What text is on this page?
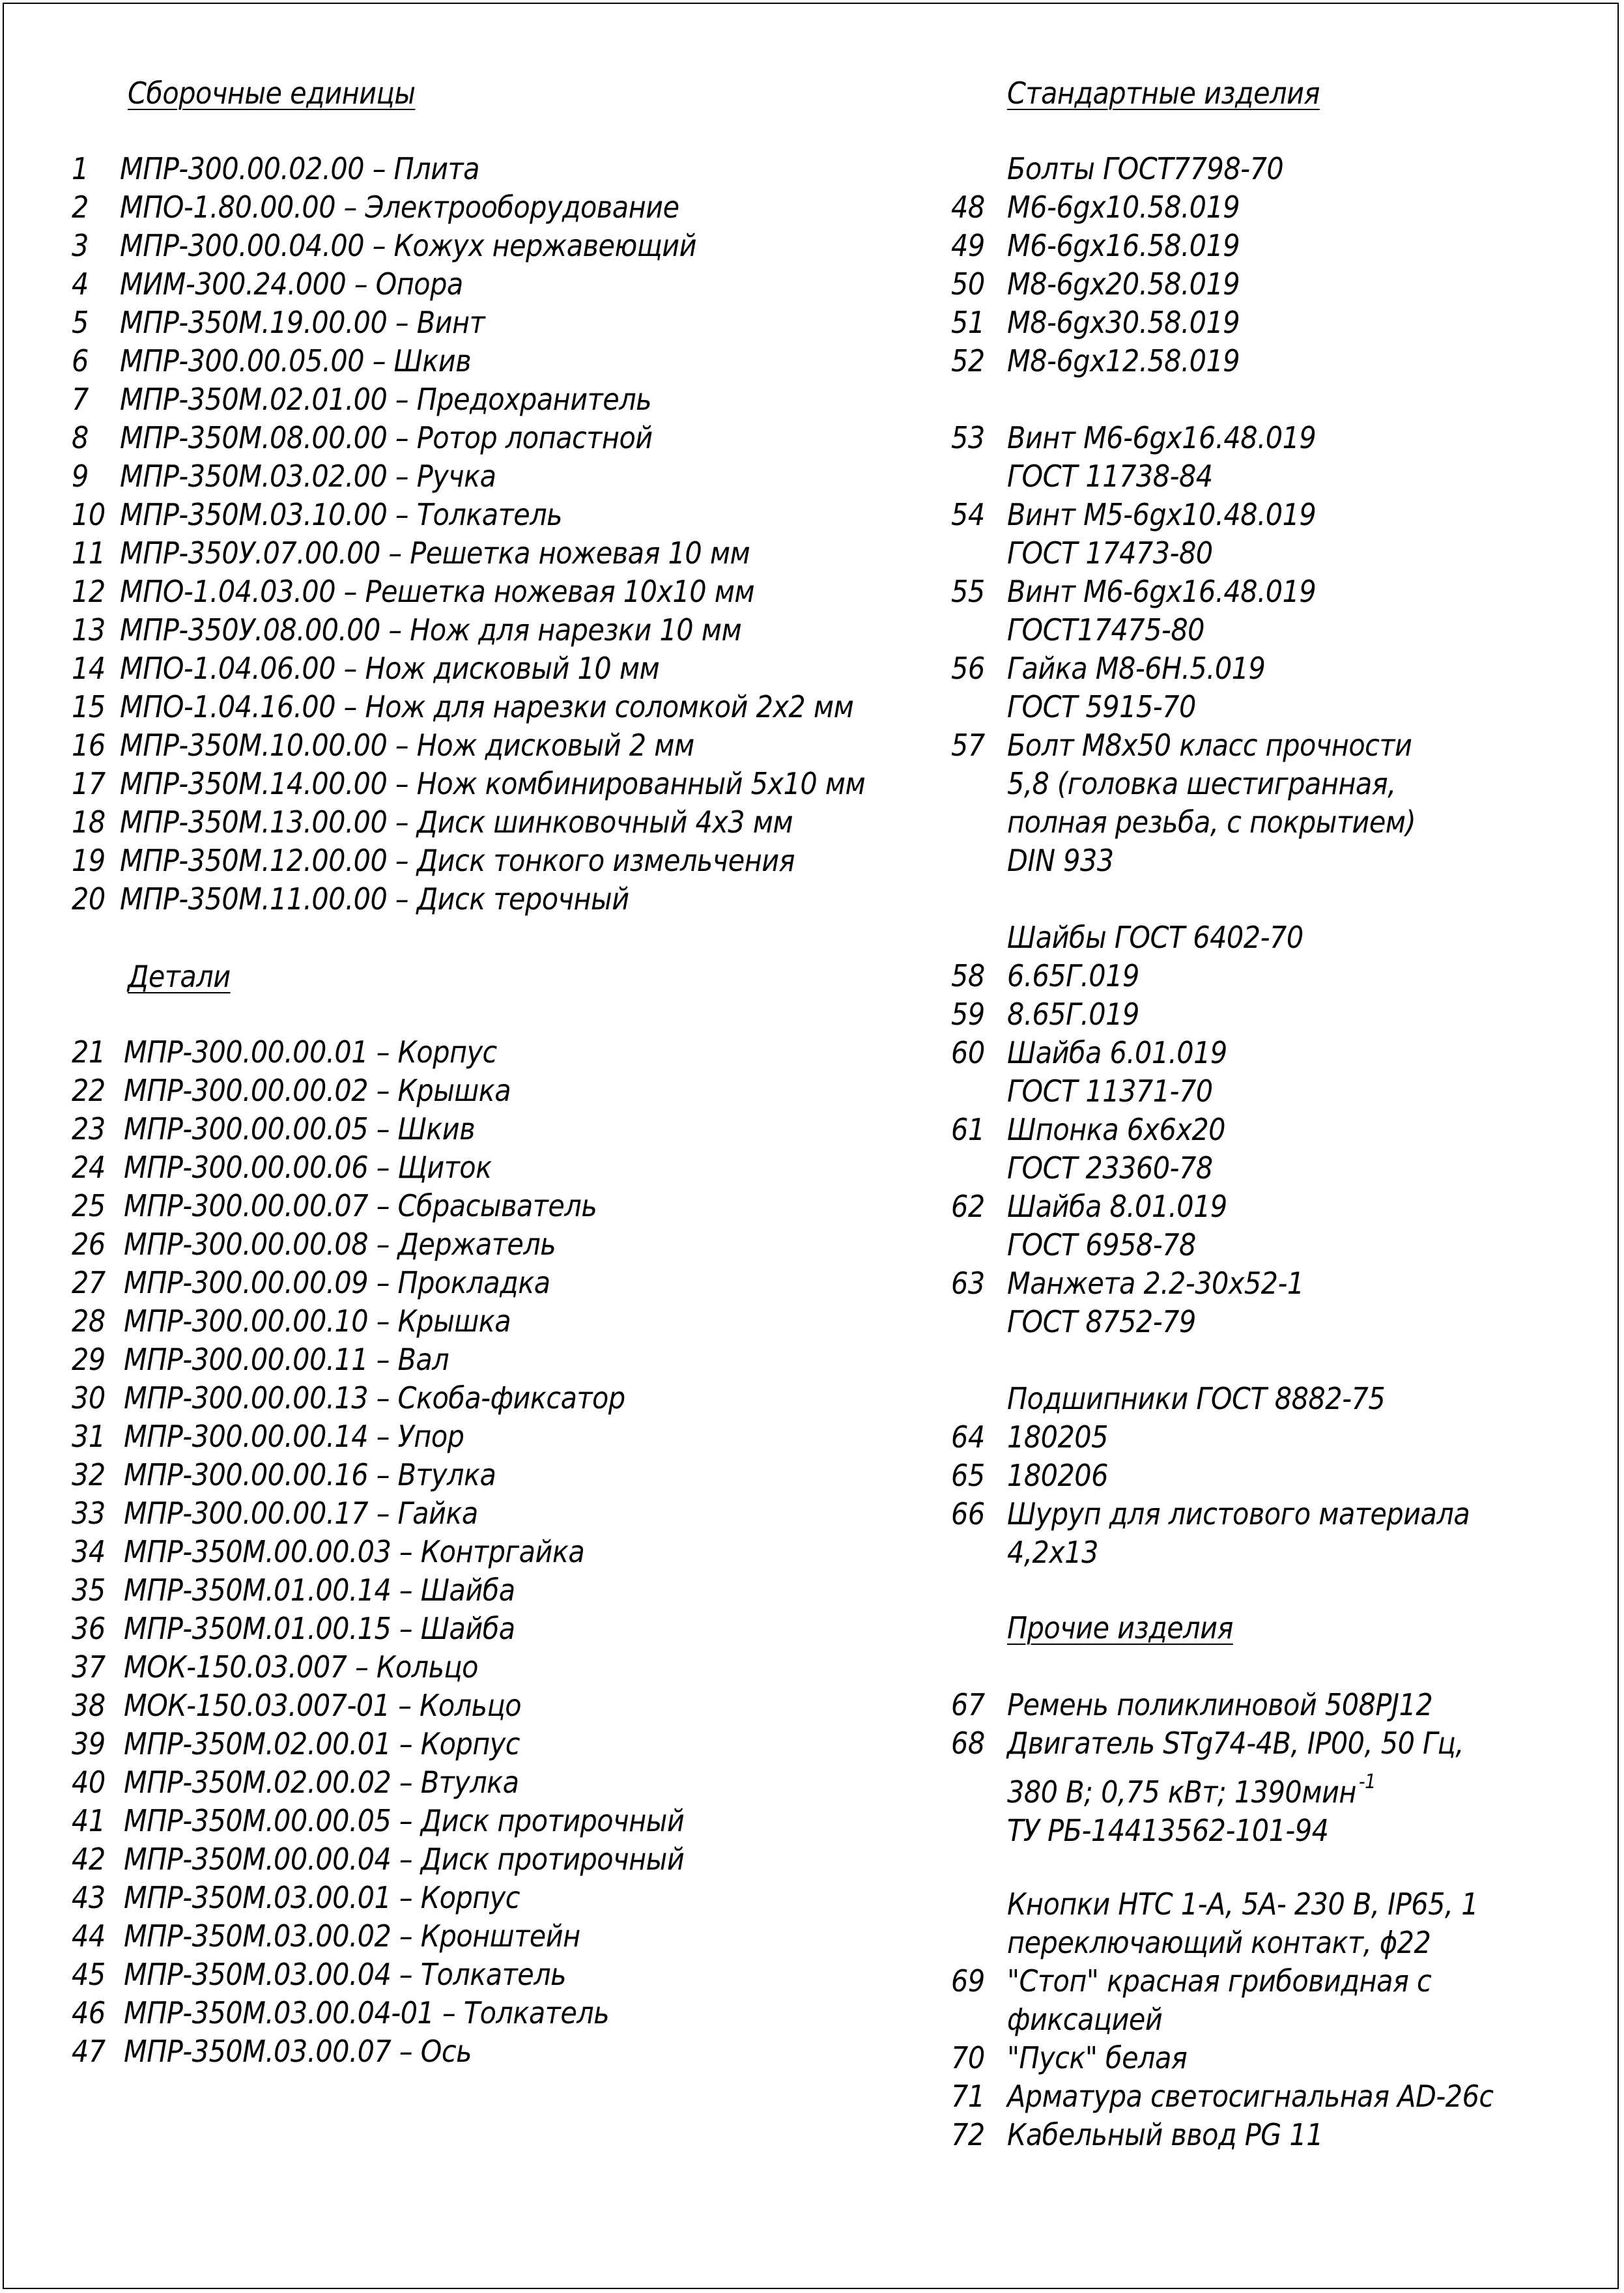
Сборочные единицы
1 МПР-300.00.02.00 – Плита
2 МПО-1.80.00.00 – Электрооборудование
3 МПР-300.00.04.00 – Кожух нержавеющий
4 МИМ-300.24.000 – Опора
5 МПР-350М.19.00.00 – Винт
6 МПР-300.00.05.00 – Шкив
7 МПР-350М.02.01.00 – Предохранитель
8 МПР-350М.08.00.00 – Ротор лопастной
9 МПР-350М.03.02.00 – Ручка
10 МПР-350М.03.10.00 – Толкатель
11 МПР-350У.07.00.00 – Решетка ножевая 10 мм
12 МПО-1.04.03.00 – Решетка ножевая 10х10 мм
13 МПР-350У.08.00.00 – Нож для нарезки 10 мм
14 МПО-1.04.06.00 – Нож дисковый 10 мм
15 МПО-1.04.16.00 – Нож для нарезки соломкой 2х2 мм
16 МПР-350М.10.00.00 – Нож дисковый 2 мм
17 МПР-350М.14.00.00 – Нож комбинированный 5х10 мм
18 МПР-350М.13.00.00 – Диск шинковочный 4х3 мм
19 МПР-350М.12.00.00 – Диск тонкого измельчения
20 МПР-350М.11.00.00 – Диск терочный
Детали
21 МПР-300.00.00.01 – Корпус
22 МПР-300.00.00.02 – Крышка
23 МПР-300.00.00.05 – Шкив
24 МПР-300.00.00.06 – Щиток
25 МПР-300.00.00.07 – Сбрасыватель
26 МПР-300.00.00.08 – Держатель
27 МПР-300.00.00.09 – Прокладка
28 МПР-300.00.00.10 – Крышка
29 МПР-300.00.00.11 – Вал
30 МПР-300.00.00.13 – Скоба-фиксатор
31 МПР-300.00.00.14 – Упор
32 МПР-300.00.00.16 – Втулка
33 МПР-300.00.00.17 – Гайка
34 МПР-350М.00.00.03 – Контргайка
35 МПР-350М.01.00.14 – Шайба
36 МПР-350М.01.00.15 – Шайба
37 МОК-150.03.007 – Кольцо
38 МОК-150.03.007-01 – Кольцо
39 МПР-350М.02.00.01 – Корпус
40 МПР-350М.02.00.02 – Втулка
41 МПР-350М.00.00.05 – Диск протирочный
42 МПР-350М.00.00.04 – Диск протирочный
43 МПР-350М.03.00.01 – Корпус
44 МПР-350М.03.00.02 – Кронштейн
45 МПР-350М.03.00.04 – Толкатель
46 МПР-350М.03.00.04-01 – Толкатель
47 МПР-350М.03.00.07 – Ось
Стандартные изделия
Болты ГОСТ7798-70
48 М6-6gх10.58.019
49 М6-6gх16.58.019
50 М8-6gх20.58.019
51 М8-6gх30.58.019
52 М8-6gх12.58.019
53 Винт М6-6gх16.48.019
ГОСТ 11738-84
54 Винт М5-6gх10.48.019
ГОСТ 17473-80
55 Винт М6-6gх16.48.019
ГОСТ17475-80
56 Гайка М8-6Н.5.019
ГОСТ 5915-70
57 Болт М8х50 класс прочности
5,8 (головка шестигранная,
полная резьба, с покрытием)
DIN 933
Шайбы ГОСТ 6402-70
58 6.65Г.019
59 8.65Г.019
60 Шайба 6.01.019
ГОСТ 11371-70
61 Шпонка 6х6х20
ГОСТ 23360-78
62 Шайба 8.01.019
ГОСТ 6958-78
63 Манжета 2.2-30х52-1
ГОСТ 8752-79
Подшипники ГОСТ 8882-75
64 180205
65 180206
66 Шуруп для листового материала
4,2х13
Прочие изделия
67 Ремень поликлиновой 508PJ12
68 Двигатель STg74-4B, IP00, 50 Гц,
380 В; 0,75 кВт; 1390мин $^{-1}$
ТУ РБ-14413562-101-94
Кнопки НТС 1-А, 5А- 230 В, IP65, 1
переключающий контакт, ϕ22
69 "Стоп" красная грибовидная с
фиксацией
70 "Пуск" белая
71 Арматура светосигнальная AD-26c
72 Кабельный ввод PG 11
